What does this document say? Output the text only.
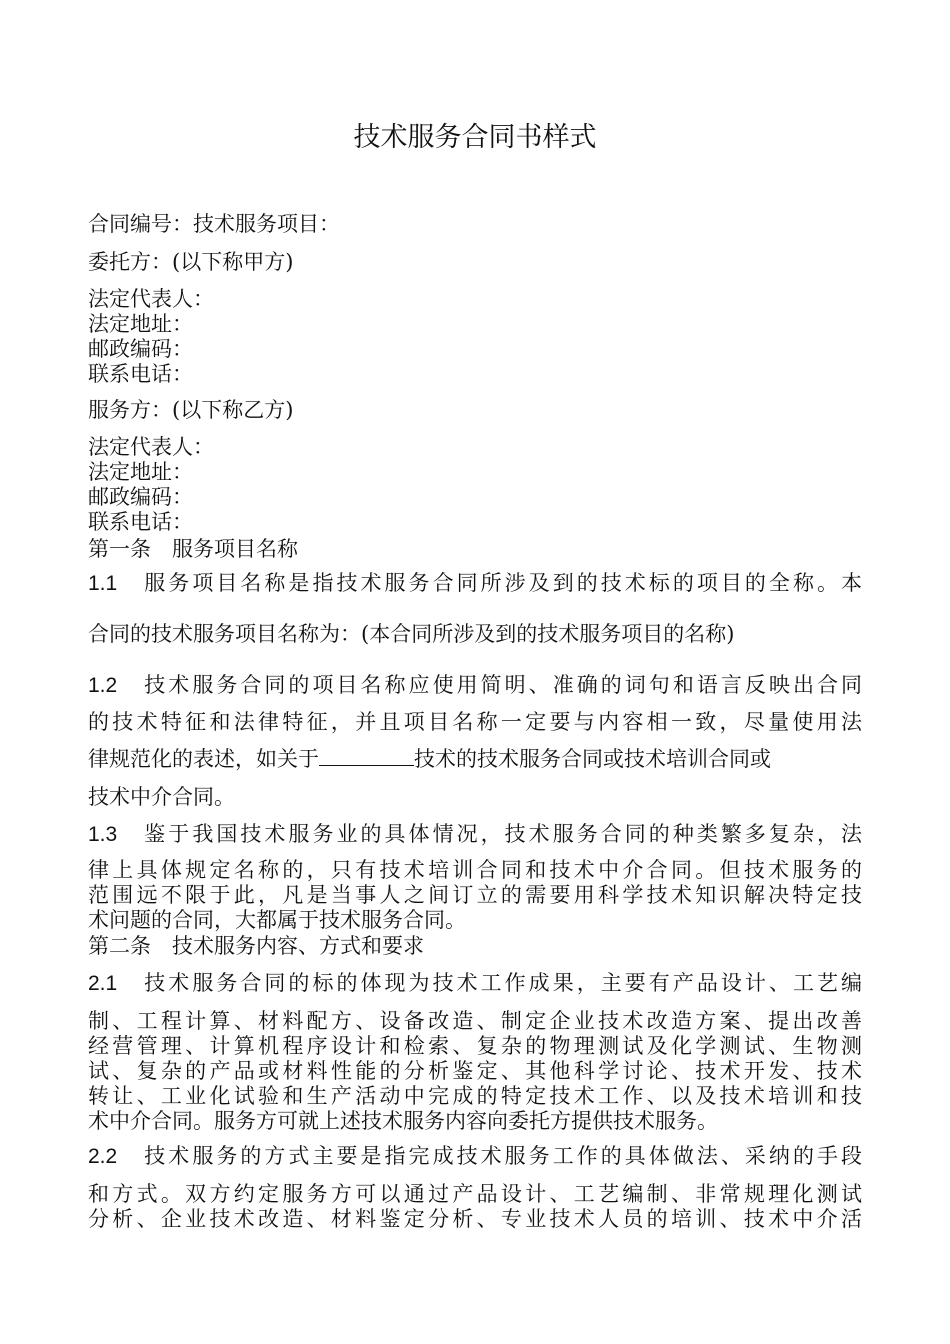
技术服务合同书样式
合同编号：技术服务项目：
委托方：(以下称甲方)
法定代表人：
法定地址：
邮政编码：
联系电话：
服务方：(以下称乙方)
法定代表人：
法定地址：
邮政编码：
联系电话：
第一条　服务项目名称
1.1　 服务项目名称是指技术服务合同所涉及到的技术标的项目的全称。本
合同的技术服务项目名称为：(本合同所涉及到的技术服务项目的名称)
1.2　 技术服务合同的项目名称应使用简明、准确的词句和语言反映出合同
的技术特征和法律特征，并且项目名称一定要与内容相一致，尽量使用法
律规范化的表述，如关于	技术的技术服务合同或技术培训合同或
技术中介合同。
1.3　 鉴于我国技术服务业的具体情况，技术服务合同的种类繁多复杂，法
律上具体规定名称的，只有技术培训合同和技术中介合同。但技术服务的
范围远不限于此，凡是当事人之间订立的需要用科学技术知识解决特定技
术问题的合同，大都属于技术服务合同。
第二条　技术服务内容、方式和要求
2.1　 技术服务合同的标的体现为技术工作成果，主要有产品设计、工艺编
制、工程计算、材料配方、设备改造、制定企业技术改造方案、提出改善
经营管理、计算机程序设计和检索、复杂的物理测试及化学测试、生物测
试、复杂的产品或材料性能的分析鉴定、其他科学讨论、技术开发、技术
转让、工业化试验和生产活动中完成的特定技术工作、以及技术培训和技
术中介合同。服务方可就上述技术服务内容向委托方提供技术服务。
2.2　 技术服务的方式主要是指完成技术服务工作的具体做法、采纳的手段
和方式。双方约定服务方可以通过产品设计、工艺编制、非常规理化测试
分析、企业技术改造、材料鉴定分析、专业技术人员的培训、技术中介活
